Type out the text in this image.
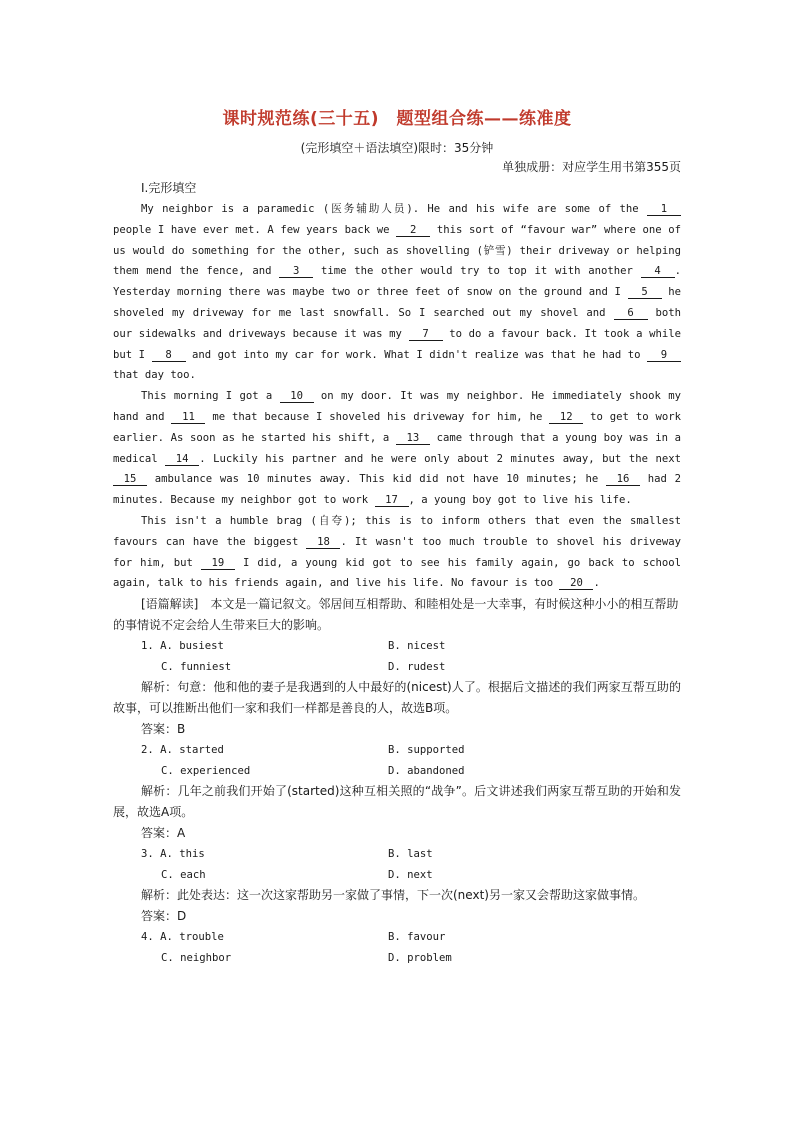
课时规范练(三十五)　题型组合练——练准度

(完形填空＋语法填空)限时：35分钟

单独成册：对应学生用书第355页

Ⅰ.完形填空

My neighbor is a paramedic (医务辅助人员). He and his wife are some of the 1 people I have ever met. A few years back we 2 this sort of “favour war” where one of us would do something for the other, such as shovelling (铲雪) their driveway or helping them mend the fence, and 3 time the other would try to top it with another 4 . Yesterday morning there was maybe two or three feet of snow on the ground and I 5 he shoveled my driveway for me last snowfall. So I searched out my shovel and 6 both our sidewalks and driveways because it was my 7 to do a favour back. It took a while but I 8 and got into my car for work. What I didn't realize was that he had to 9 that day too.

This morning I got a 10 on my door. It was my neighbor. He immediately shook my hand and 11 me that because I shoveled his driveway for him, he 12 to get to work earlier. As soon as he started his shift, a 13 came through that a young boy was in a medical 14 . Luckily his partner and he were only about 2 minutes away, but the next 15 ambulance was 10 minutes away. This kid did not have 10 minutes; he 16 had 2 minutes. Because my neighbor got to work 17 , a young boy got to live his life.

This isn't a humble brag (自夸); this is to inform others that even the smallest favours can have the biggest 18 . It wasn't too much trouble to shovel his driveway for him, but 19 I did, a young kid got to see his family again, go back to school again, talk to his friends again, and live his life. No favour is too 20 .

[语篇解读]　本文是一篇记叙文。邻居间互相帮助、和睦相处是一大幸事，有时候这种小小的相互帮助的事情说不定会给人生带来巨大的影响。

1. A. busiest	B. nicest
C. funniest	D. rudest

解析：句意：他和他的妻子是我遇到的人中最好的(nicest)人了。根据后文描述的我们两家互帮互助的故事，可以推断出他们一家和我们一样都是善良的人，故选B项。

答案：B

2. A. started	B. supported
C. experienced	D. abandoned

解析：几年之前我们开始了(started)这种互相关照的“战争”。后文讲述我们两家互帮互助的开始和发展，故选A项。

答案：A

3. A. this	B. last
C. each	D. next

解析：此处表达：这一次这家帮助另一家做了事情，下一次(next)另一家又会帮助这家做事情。

答案：D

4. A. trouble	B. favour
C. neighbor	D. problem
